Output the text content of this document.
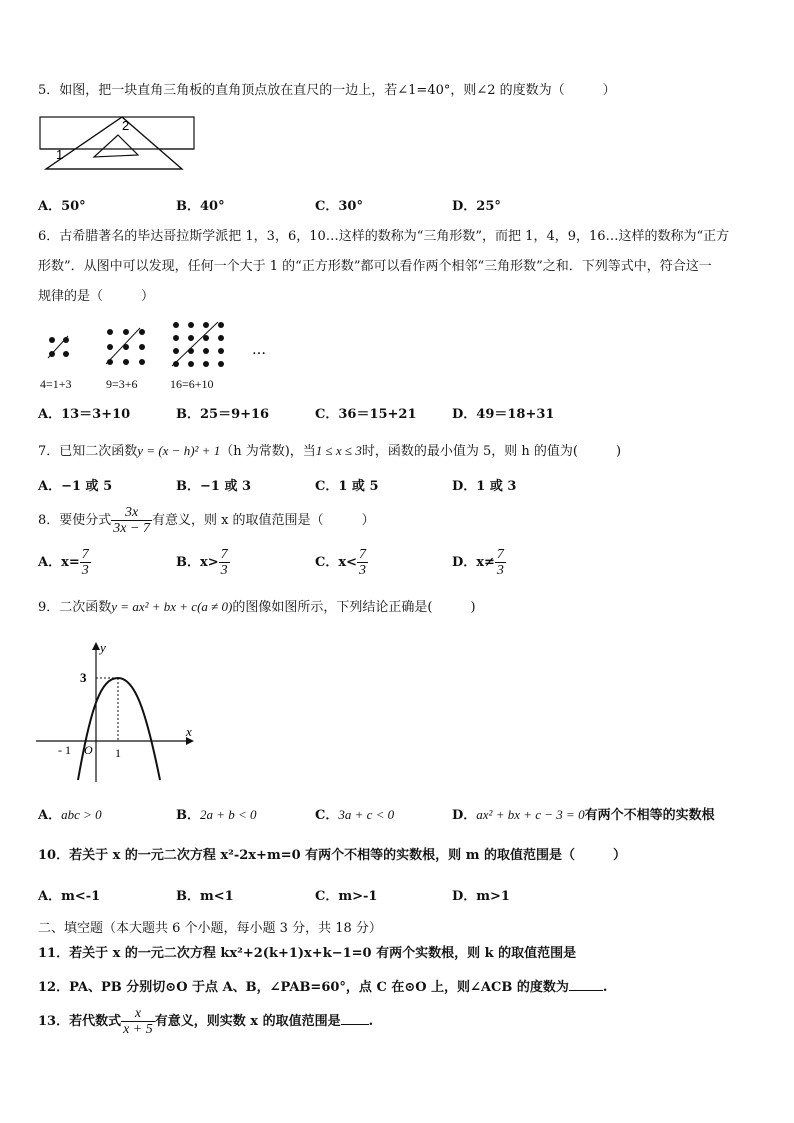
5．如图，把一块直角三角板的直角顶点放在直尺的一边上，若∠1=40°，则∠2 的度数为（	）
1
2
A．50°	B．40°	C．30°	D．25°
6．古希腊著名的毕达哥拉斯学派把 1，3，6，10…这样的数称为“三角形数”，而把 1，4，9，16…这样的数称为“正方
形数”．从图中可以发现，任何一个大于 1 的“正方形数”都可以看作两个相邻“三角形数”之和．下列等式中，符合这一
规律的是（	）
…
4=1+3	9=3+6	16=6+10
A．13＝3+10	B．25＝9+16	C．36＝15+21	D．49＝18+31
7．已知二次函数y = (x − h)² + 1（h 为常数)，当1 ≤ x ≤ 3时，函数的最小值为 5，则 h 的值为(	)
A．−1 或 5	B．−1 或 3	C．1 或 5	D．1 或 3
8．要使分式 $\frac{3x}{3x - 7}$ 有意义，则 x 的取值范围是（	）
A．$x= \frac{7}{3}$	B．$x> \frac{7}{3}$	C．$x< \frac{7}{3}$	D．$x\ne \frac{7}{3}$
9．二次函数y = ax² + bx + c(a ≠ 0)的图像如图所示，下列结论正确是(	)
y
x
3
O
- 1	1
A．abc > 0	B．2a + b < 0	C．3a + c < 0	D．ax² + bx + c − 3 = 0有两个不相等的实数根
10．若关于 x 的一元二次方程 x²-2x+m=0 有两个不相等的实数根，则 m 的取值范围是（	）
A．m<-1	B．m<1	C．m>-1	D．m>1
二、填空题（本大题共 6 个小题，每小题 3 分，共 18 分）
11．若关于 x 的一元二次方程 kx²+2(k+1)x+k−1=0 有两个实数根，则 k 的取值范围是
12．PA、PB 分别切⊙O 于点 A、B，∠PAB=60°，点 C 在⊙O 上，则∠ACB 的度数为	.
13．若代数式 $\frac{x}{x + 5}$ 有意义，则实数 x 的取值范围是 .
